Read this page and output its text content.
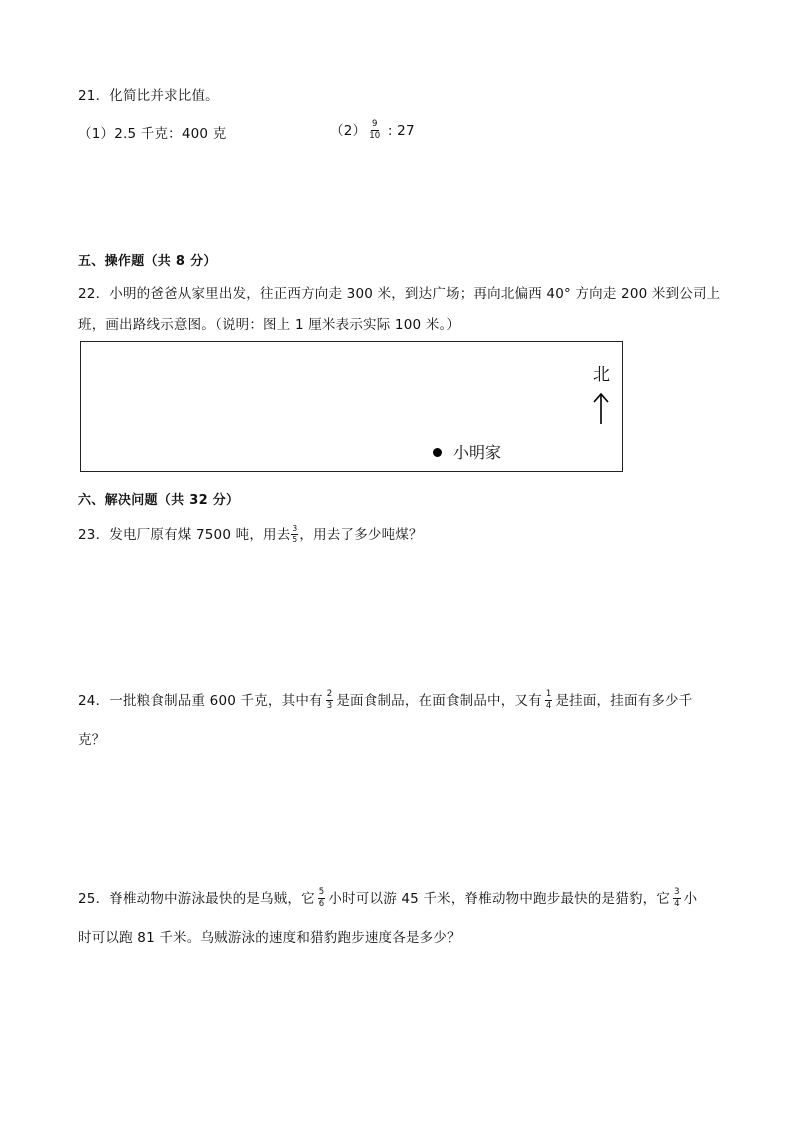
21．化简比并求比值。
（1）2.5 千克：400 克	$(2) \frac{9}{10}$ : 27
五、操作题（共 8 分）
22．小明的爸爸从家里出发，往正西方向走 300 米，到达广场；再向北偏西 40° 方向走 200 米到公司上
班，画出路线示意图。（说明：图上 1 厘米表示实际 100 米。）
北
小明家
六、解决问题（共 32 分）
23．发电厂原有煤 7500 吨，用去 $\frac{3}{5}$ ，用去了多少吨煤？
24．一批粮食制品重 600 千克，其中有 $\frac{2}{3}$ 是面食制品，在面食制品中，又有 $\frac{1}{4}$ 是挂面，挂面有多少千
克？
25．脊椎动物中游泳最快的是乌贼，它 $\frac{5}{6}$ 小时可以游 45 千米，脊椎动物中跑步最快的是猎豹，它 $\frac{3}{4}$ 小
时可以跑 81 千米。乌贼游泳的速度和猎豹跑步速度各是多少？
